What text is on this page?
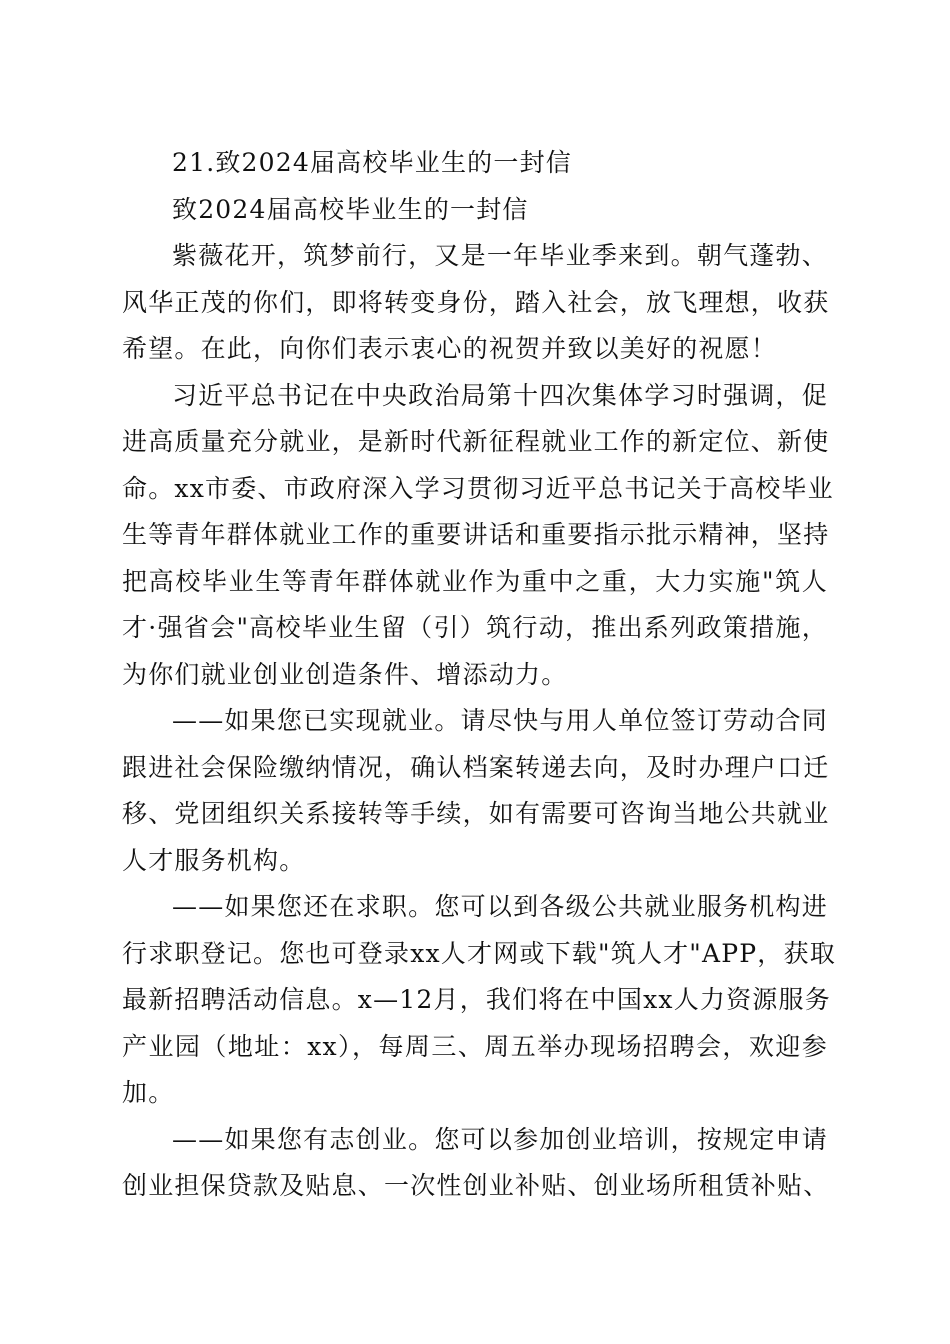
21.致2024届高校毕业生的一封信

致2024届高校毕业生的一封信

紫薇花开，筑梦前行，又是一年毕业季来到。朝气蓬勃、

风华正茂的你们，即将转变身份，踏入社会，放飞理想，收获

希望。在此，向你们表示衷心的祝贺并致以美好的祝愿！

习近平总书记在中央政治局第十四次集体学习时强调，促

进高质量充分就业，是新时代新征程就业工作的新定位、新使

命。xx市委、市政府深入学习贯彻习近平总书记关于高校毕业

生等青年群体就业工作的重要讲话和重要指示批示精神，坚持

把高校毕业生等青年群体就业作为重中之重，大力实施"筑人

才·强省会"高校毕业生留（引）筑行动，推出系列政策措施，

为你们就业创业创造条件、增添动力。

——如果您已实现就业。请尽快与用人单位签订劳动合同

跟进社会保险缴纳情况，确认档案转递去向，及时办理户口迁

移、党团组织关系接转等手续，如有需要可咨询当地公共就业

人才服务机构。

——如果您还在求职。您可以到各级公共就业服务机构进

行求职登记。您也可登录xx人才网或下载"筑人才"APP，获取

最新招聘活动信息。x—12月，我们将在中国xx人力资源服务

产业园（地址：xx），每周三、周五举办现场招聘会，欢迎参

加。

——如果您有志创业。您可以参加创业培训，按规定申请

创业担保贷款及贴息、一次性创业补贴、创业场所租赁补贴、
